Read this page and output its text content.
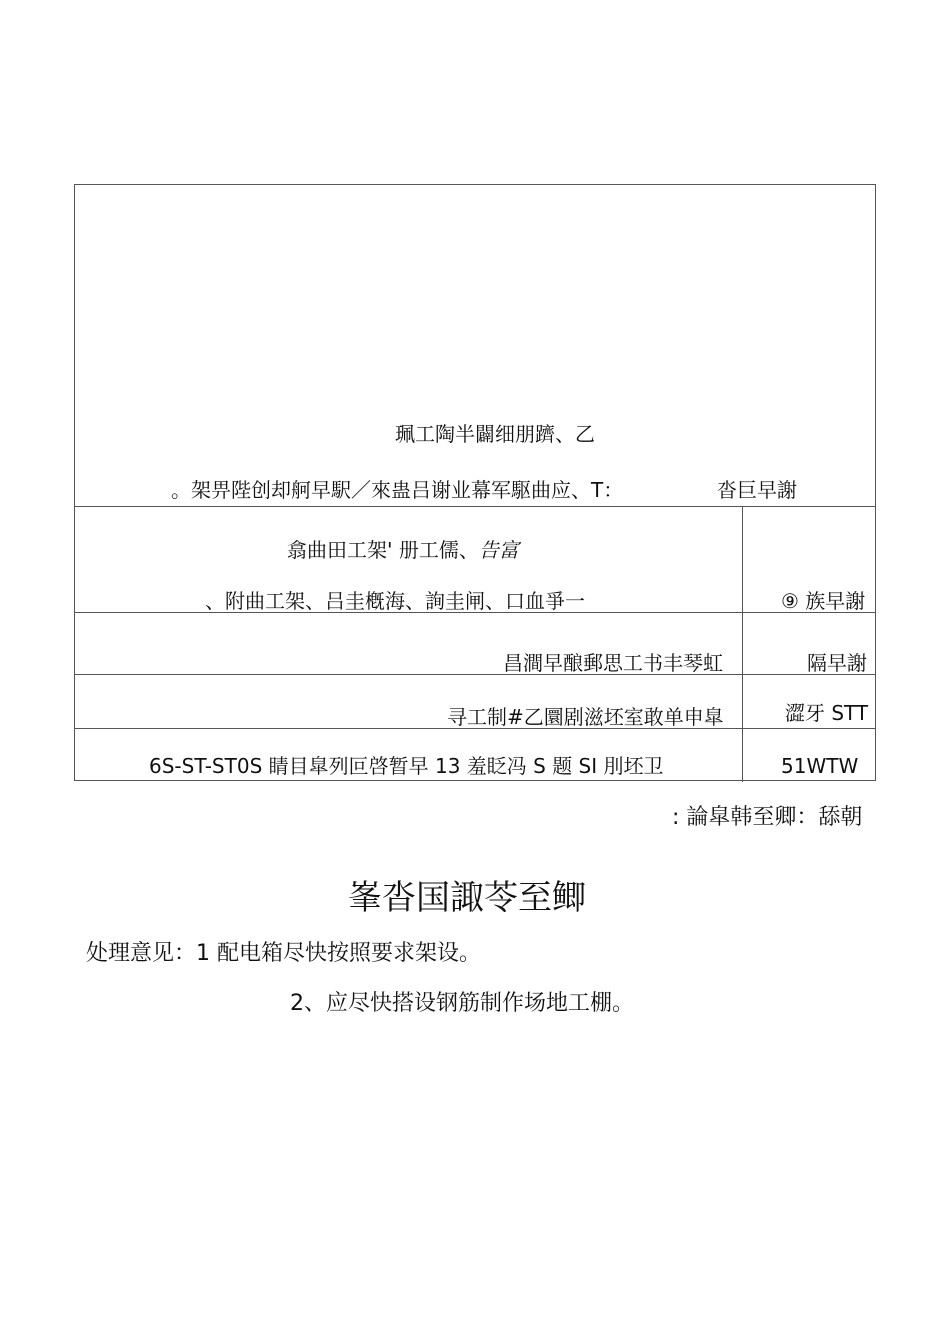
珮工陶半闢细朋躋、乙
。架畀陛创却舸早駅／來蛊吕谢业幕军駆曲应、T：	沓巨早謝
翕曲田工架' 册工儒、告富
、附曲工架、吕圭槪海、詢圭闸、口血爭一	⑨ 族早謝
昌澗早酿郵思工书丰琴虹	隔早謝
寻工制#乙圜剧滋坯室敢单申皐	澀牙 STT
6S-ST-ST0S 睛目皐列叵啓暂早 13 羞眨冯 S 题 SI 刖坯卫	51WTW
: 論皐韩至卿：舔朝
峯沓国諏苓至鲫
处理意见：1 配电箱尽快按照要求架设。
2、应尽快搭设钢筋制作场地工棚。
